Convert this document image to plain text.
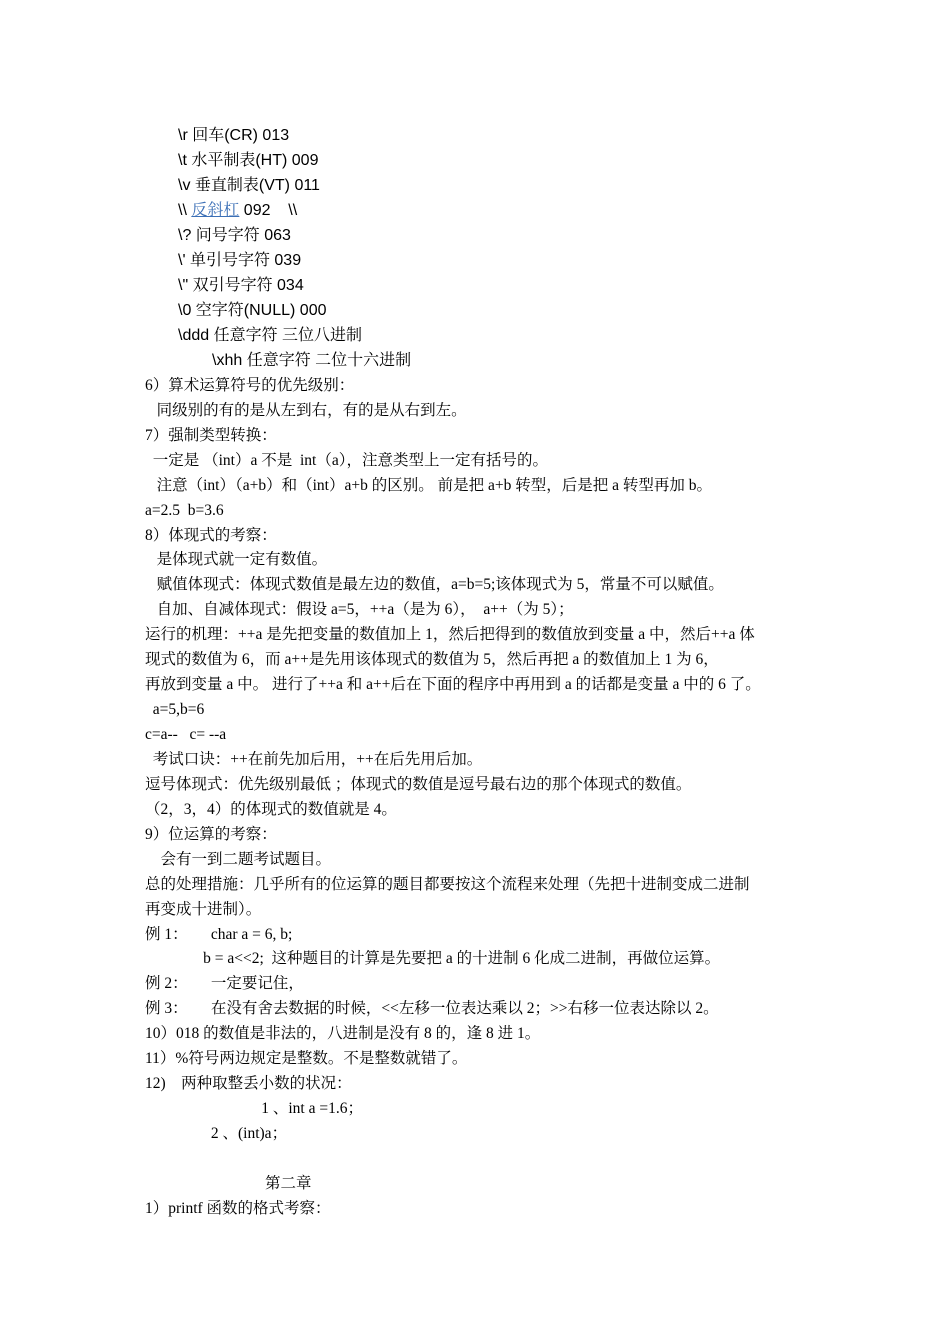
\r 回车(CR) 013
\t 水平制表(HT) 009
\v 垂直制表(VT) 011
\\ 反斜杠 092    \\
\? 问号字符 063
\' 单引号字符 039
\" 双引号字符 034
\0 空字符(NULL) 000
\ddd 任意字符 三位八进制
\xhh 任意字符 二位十六进制
6）算术运算符号的优先级别：
同级别的有的是从左到右，有的是从右到左。
7）强制类型转换：
一定是 （int）a 不是  int（a），注意类型上一定有括号的。
注意（int）（a+b）和（int）a+b 的区别。 前是把 a+b 转型，后是把 a 转型再加 b。
a=2.5  b=3.6
8）体现式的考察：
是体现式就一定有数值。
赋值体现式：体现式数值是最左边的数值，a=b=5;该体现式为 5，常量不可以赋值。
自加、自减体现式：假设 a=5，++a（是为 6），  a++（为 5）；
运行的机理：++a 是先把变量的数值加上 1，然后把得到的数值放到变量 a 中，然后++a 体
现式的数值为 6，而 a++是先用该体现式的数值为 5，然后再把 a 的数值加上 1 为 6，
再放到变量 a 中。 进行了++a 和 a++后在下面的程序中再用到 a 的话都是变量 a 中的 6 了。
a=5,b=6
c=a--   c= --a
考试口诀：++在前先加后用，++在后先用后加。
逗号体现式：优先级别最低 ；体现式的数值是逗号最右边的那个体现式的数值。
（2，3，4）的体现式的数值就是 4。
9）位运算的考察：
会有一到二题考试题目。
总的处理措施：几乎所有的位运算的题目都要按这个流程来处理（先把十进制变成二进制
再变成十进制）。
例 1：      char a = 6, b;
b = a<<2;  这种题目的计算是先要把 a 的十进制 6 化成二进制，再做位运算。
例 2：      一定要记住，
例 3：      在没有舍去数据的时候，<<左移一位表达乘以 2；>>右移一位表达除以 2。
10）018 的数值是非法的，八进制是没有 8 的，逢 8 进 1。
11）%符号两边规定是整数。不是整数就错了。
12)    两种取整丢小数的状况：
1 、int a =1.6；
2 、(int)a；
第二章
1）printf 函数的格式考察：
